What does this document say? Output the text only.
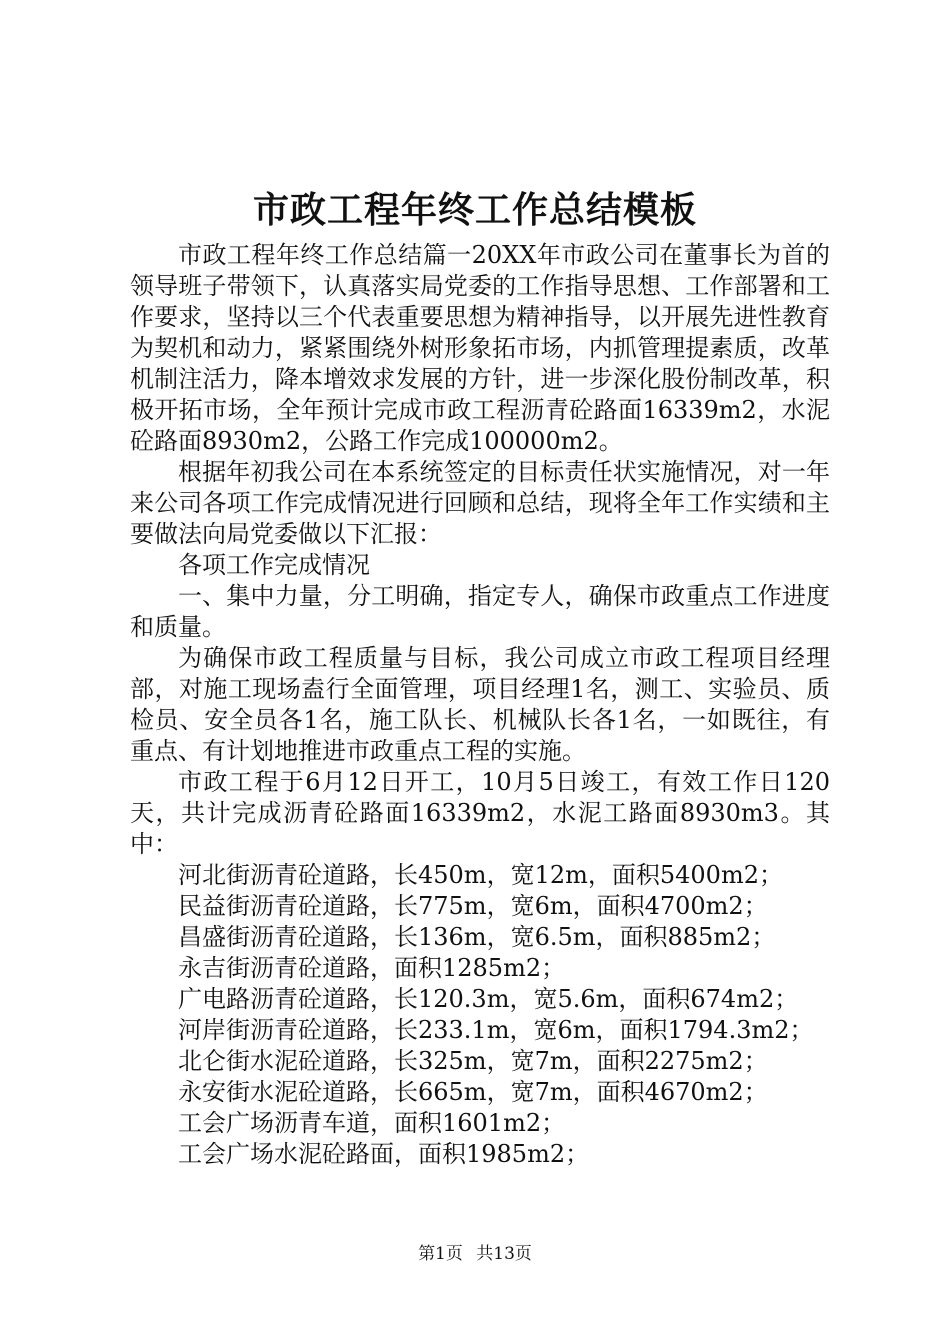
市政工程年终工作总结模板

市政工程年终工作总结篇一20XX年市政公司在董事长为首的领导班子带领下，认真落实局党委的工作指导思想、工作部署和工作要求，坚持以三个代表重要思想为精神指导，以开展先进性教育为契机和动力，紧紧围绕外树形象拓市场，内抓管理提素质，改革机制注活力，降本增效求发展的方针，进一步深化股份制改革，积极开拓市场，全年预计完成市政工程沥青砼路面16339m2，水泥砼路面8930m2，公路工作完成100000m2。

根据年初我公司在本系统签定的目标责任状实施情况，对一年来公司各项工作完成情况进行回顾和总结，现将全年工作实绩和主要做法向局党委做以下汇报：

各项工作完成情况

一、集中力量，分工明确，指定专人，确保市政重点工作进度和质量。

为确保市政工程质量与目标，我公司成立市政工程项目经理部，对施工现场盍行全面管理，项目经理1名，测工、实验员、质检员、安全员各1名，施工队长、机械队长各1名，一如既往，有重点、有计划地推进市政重点工程的实施。

市政工程于6月12日开工，10月5日竣工，有效工作日120天，共计完成沥青砼路面16339m2，水泥工路面8930m3。其中：

河北街沥青砼道路，长450m，宽12m，面积5400m2；

民益街沥青砼道路，长775m，宽6m，面积4700m2；

昌盛街沥青砼道路，长136m，宽6.5m，面积885m2；

永吉街沥青砼道路，面积1285m2；

广电路沥青砼道路，长120.3m，宽5.6m，面积674m2；

河岸街沥青砼道路，长233.1m，宽6m，面积1794.3m2；

北仑街水泥砼道路，长325m，宽7m，面积2275m2；

永安街水泥砼道路，长665m，宽7m，面积4670m2；

工会广场沥青车道，面积1601m2；

工会广场水泥砼路面，面积1985m2；

第1页 共13页
